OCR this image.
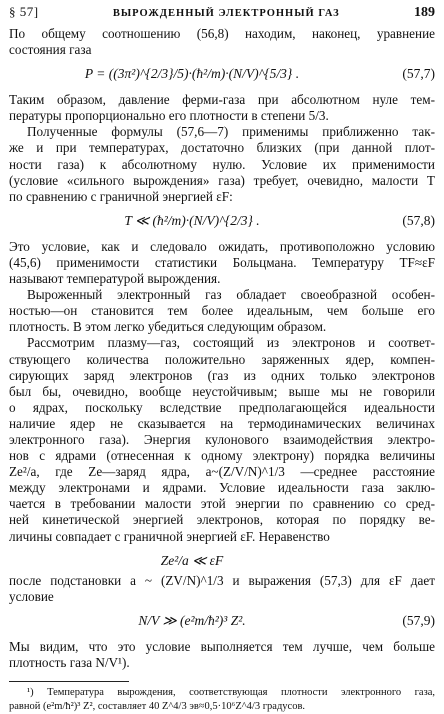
§ 57]	ВЫРОЖДЕННЫЙ ЭЛЕКТРОННЫЙ ГАЗ	189
По общему соотношению (56,8) находим, наконец, уравнение
состояния газа
P = ((3π²)^{2/3}/5)·(ħ²/m)·(N/V)^{5/3} .	(57,7)
Таким образом, давление ферми-газа при абсолютном нуле тем-
пературы пропорционально его плотности в степени 5/3.
Полученные формулы (57,6—7) применимы приближенно так-
же и при температурах, достаточно близких (при данной плот-
ности газа) к абсолютному нулю. Условие их применимости
(условие «сильного вырождения» газа) требует, очевидно, малости T
по сравнению с граничной энергией εF:
T ≪ (ħ²/m)·(N/V)^{2/3} .	(57,8)
Это условие, как и следовало ожидать, противоположно условию
(45,6) применимости статистики Больцмана. Температуру TF≈εF
называют температурой вырождения.
Выроженный электронный газ обладает своеобразной особен-
ностью—он становится тем более идеальным, чем больше его
плотность. В этом легко убедиться следующим образом.
Рассмотрим плазму—газ, состоящий из электронов и соответ-
ствующего количества положительно заряженных ядер, компен-
сирующих заряд электронов (газ из одних только электронов
был бы, очевидно, вообще неустойчивым; выше мы не говорили
о ядрах, поскольку вследствие предполагающейся идеальности
наличие ядер не сказывается на термодинамических величинах
электронного газа). Энергия кулонового взаимодействия электро-
нов с ядрами (отнесенная к одному электрону) порядка величины
Ze²/a, где Ze—заряд ядра, a~(Z/V/N)^1/3 —среднее расстояние
между электронами и ядрами. Условие идеальности газа заклю-
чается в требовании малости этой энергии по сравнению со сред-
ней кинетической энергией электронов, которая по порядку ве-
личины совпадает с граничной энергией εF. Неравенство
Ze²/a ≪ εF
после подстановки a ~ (ZV/N)^1/3 и выражения (57,3) для εF дает
условие
N/V ≫ (e²m/ħ²)³ Z².	(57,9)
Мы видим, что это условие выполняется тем лучше, чем больше
плотность газа N/V¹).
¹) Температура вырождения, соответствующая плотности электронного газа,
равной (e²m/ħ²)³ Z², составляет 40 Z^4/3 эв≈0,5·10⁶Z^4/3 градусов.
